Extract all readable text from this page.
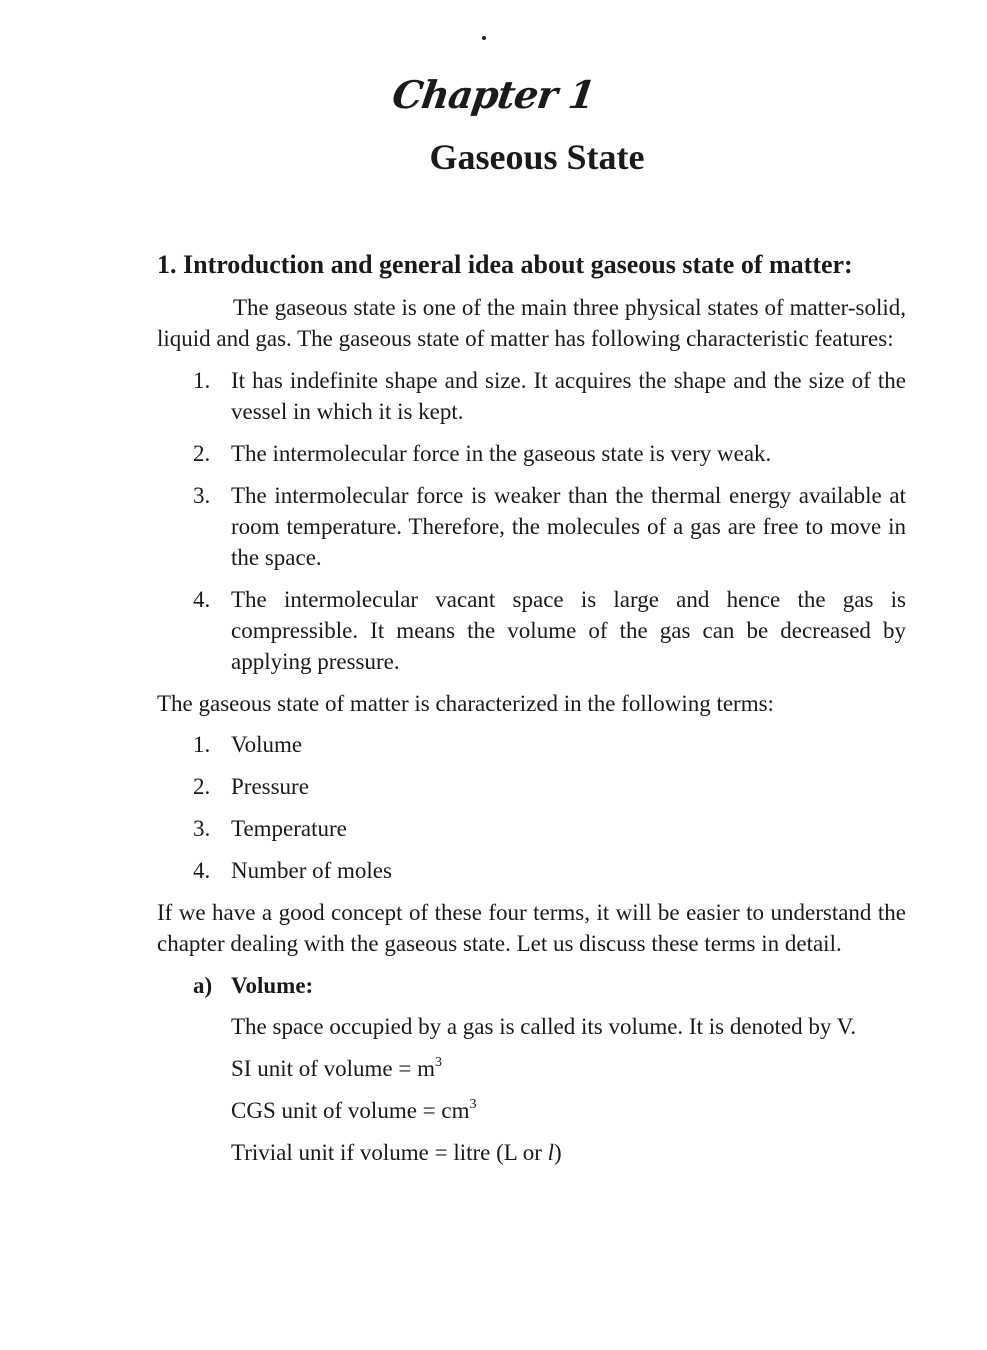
Chapter 1
Gaseous State
1. Introduction and general idea about gaseous state of matter:

The gaseous state is one of the main three physical states of matter-solid, liquid and gas. The gaseous state of matter has following characteristic features:

1. It has indefinite shape and size. It acquires the shape and the size of the vessel in which it is kept.
2. The intermolecular force in the gaseous state is very weak.
3. The intermolecular force is weaker than the thermal energy available at room temperature. Therefore, the molecules of a gas are free to move in the space.
4. The intermolecular vacant space is large and hence the gas is compressible. It means the volume of the gas can be decreased by applying pressure.

The gaseous state of matter is characterized in the following terms:

1. Volume
2. Pressure
3. Temperature
4. Number of moles

If we have a good concept of these four terms, it will be easier to understand the chapter dealing with the gaseous state. Let us discuss these terms in detail.

a) Volume:

The space occupied by a gas is called its volume. It is denoted by V.

SI unit of volume = $m^3$

CGS unit of volume = $cm^3$

Trivial unit if volume = litre (L or l)
